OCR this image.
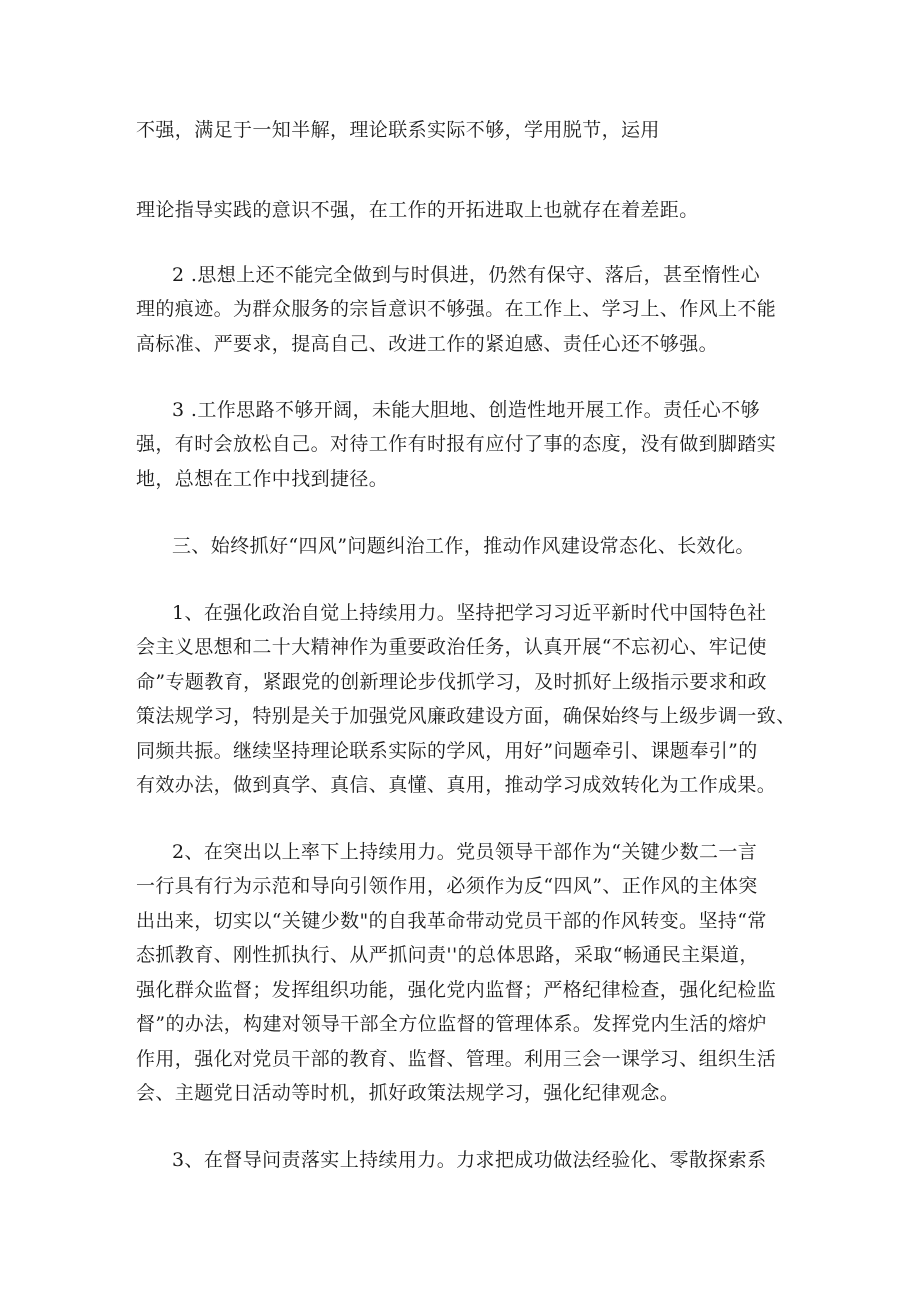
不强，满足于一知半解，理论联系实际不够，学用脱节，运用
理论指导实践的意识不强，在工作的开拓进取上也就存在着差距。
2 .思想上还不能完全做到与时俱进，仍然有保守、落后，甚至惰性心
理的痕迹。为群众服务的宗旨意识不够强。在工作上、学习上、作风上不能
高标准、严要求，提高自己、改进工作的紧迫感、责任心还不够强。
3 .工作思路不够开阔，未能大胆地、创造性地开展工作。责任心不够
强，有时会放松自己。对待工作有时报有应付了事的态度，没有做到脚踏实
地，总想在工作中找到捷径。
三、始终抓好“四风”问题纠治工作，推动作风建设常态化、长效化。
1、在强化政治自觉上持续用力。坚持把学习习近平新时代中国特色社
会主义思想和二十大精神作为重要政治任务，认真开展“不忘初心、牢记使
命”专题教育，紧跟党的创新理论步伐抓学习，及时抓好上级指示要求和政
策法规学习，特别是关于加强党风廉政建设方面，确保始终与上级步调一致、
同频共振。继续坚持理论联系实际的学风，用好”问题牵引、课题奉引”的
有效办法，做到真学、真信、真懂、真用，推动学习成效转化为工作成果。
2、在突出以上率下上持续用力。党员领导干部作为“关键少数二一言
一行具有行为示范和导向引领作用，必须作为反“四风”、正作风的主体突
出出来，切实以“关键少数"的自我革命带动党员干部的作风转变。坚持“常
态抓教育、刚性抓执行、从严抓问责''的总体思路，采取“畅通民主渠道，
强化群众监督；发挥组织功能，强化党内监督；严格纪律检查，强化纪检监
督”的办法，构建对领导干部全方位监督的管理体系。发挥党内生活的熔炉
作用，强化对党员干部的教育、监督、管理。利用三会一课学习、组织生活
会、主题党日活动等时机，抓好政策法规学习，强化纪律观念。
3、在督导问责落实上持续用力。力求把成功做法经验化、零散探索系
